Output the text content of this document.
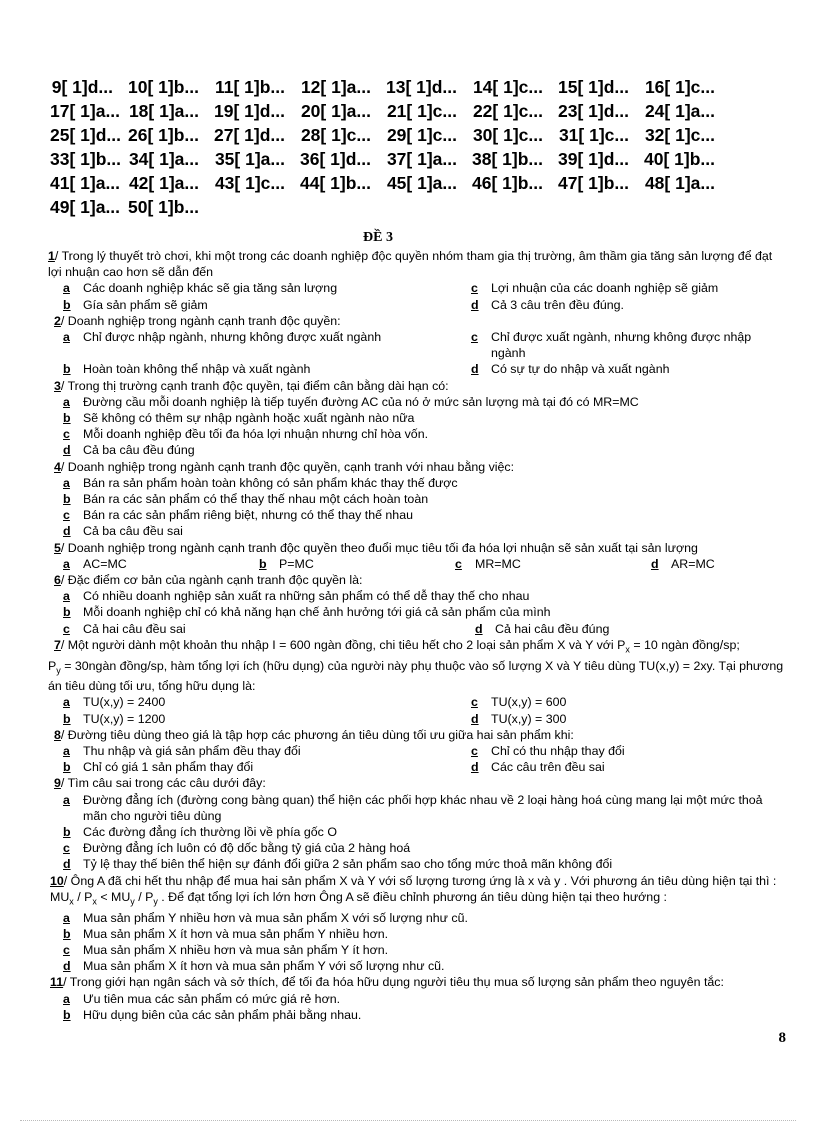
9[ 1]d... 10[ 1]b... 11[ 1]b... 12[ 1]a... 13[ 1]d... 14[ 1]c... 15[ 1]d... 16[ 1]c...
17[ 1]a... 18[ 1]a... 19[ 1]d... 20[ 1]a... 21[ 1]c... 22[ 1]c... 23[ 1]d... 24[ 1]a...
25[ 1]d... 26[ 1]b... 27[ 1]d... 28[ 1]c... 29[ 1]c... 30[ 1]c... 31[ 1]c... 32[ 1]c...
33[ 1]b... 34[ 1]a... 35[ 1]a... 36[ 1]d... 37[ 1]a... 38[ 1]b... 39[ 1]d... 40[ 1]b...
41[ 1]a... 42[ 1]a... 43[ 1]c... 44[ 1]b... 45[ 1]a... 46[ 1]b... 47[ 1]b... 48[ 1]a...
49[ 1]a... 50[ 1]b...
ĐỀ 3

1/ Trong lý thuyết trò chơi, khi một trong các doanh nghiệp độc quyền nhóm tham gia thị trường, âm thầm gia tăng sản lượng để đạt lợi nhuận cao hơn sẽ dẫn đến

a	Các doanh nghiệp khác sẽ gia tăng sản lượng	c	Lợi nhuận của các doanh nghiệp sẽ giảm
b	Gía sản phẩm sẽ giảm	d	Cả 3 câu trên đều đúng.

2/ Doanh nghiệp trong ngành cạnh tranh độc quyền:

a	Chỉ được nhập ngành, nhưng không được xuất ngành	c	Chỉ được xuất ngành, nhưng không được nhập ngành
b	Hoàn toàn không thể nhập và xuất ngành	d	Có sự tự do nhập và xuất ngành

3/ Trong thị trường cạnh tranh độc quyền, tại điểm cân bằng dài hạn có:

a	Đường cầu mỗi doanh nghiệp là tiếp tuyến đường AC của nó ở mức sản lượng mà tại đó có MR=MC
b	Sẽ không có thêm sự nhập ngành hoặc xuất ngành nào nữa
c	Mỗi doanh nghiệp đều tối đa hóa lợi nhuận nhưng chỉ hòa vốn.
d	Cả ba câu đều đúng

4/ Doanh nghiệp trong ngành cạnh tranh độc quyền, cạnh tranh với nhau bằng việc:

a	Bán ra sản phẩm hoàn toàn không có sản phẩm khác thay thế được
b	Bán ra các sản phẩm có thể thay thế nhau một cách hoàn toàn
c	Bán ra các sản phẩm riêng biệt, nhưng có thể thay thế nhau
d	Cả ba câu đều sai

5/ Doanh nghiệp trong ngành cạnh tranh độc quyền theo đuổi mục tiêu tối đa hóa lợi nhuận sẽ sản xuất tại sản lượng

a	AC=MC	b	P=MC	c	MR=MC	d	AR=MC

6/ Đặc điểm cơ bản của ngành cạnh tranh độc quyền là:

a	Có nhiều doanh nghiệp sản xuất ra những sản phẩm có thể dễ thay thế cho nhau
b	Mỗi doanh nghiệp chỉ có khả năng hạn chế ảnh hưởng tới giá cả sản phẩm của mình
c	Cả hai câu đều sai	d	Cả hai câu đều đúng

7/ Một người dành một khoản thu nhập I = 600 ngàn đồng, chi tiêu hết cho 2 loại sản phẩm X và Y với $P_x = 10$ ngàn đồng/sp;

$P_y$ = 30ngàn đồng/sp, hàm tổng lợi ích (hữu dụng) của người này phụ thuộc vào số lượng X và Y tiêu dùng TU(x,y) = 2xy. Tại phương án tiêu dùng tối ưu, tổng hữu dụng là:

a	TU(x,y) = 2400	c	TU(x,y) = 600
b	TU(x,y) = 1200	d	TU(x,y) = 300

8/ Đường tiêu dùng theo giá là tập hợp các phương án tiêu dùng tối ưu giữa hai sản phẩm khi:

a	Thu nhập và giá sản phẩm đều thay đổi	c	Chỉ có thu nhập thay đổi
b	Chỉ có giá 1 sản phẩm thay đổi	d	Các câu trên đều sai

9/ Tìm câu sai trong các câu dưới đây:

a	Đường đẳng ích (đường cong bàng quan) thể hiện các phối hợp khác nhau về 2 loại hàng hoá cùng mang lại một mức thoả mãn cho người tiêu dùng
b	Các đường đẳng ích thường lồi về phía gốc O
c	Đường đẳng ích luôn có độ dốc bằng tỷ giá của 2 hàng hoá
d	Tỷ lệ thay thế biên thể hiện sự đánh đổi giữa 2 sản phẩm sao cho tổng mức thoả mãn không đổi

10/ Ông A đã chi hết thu nhập để mua hai sản phẩm X và Y với số lượng tương ứng là x và y . Với phương án tiêu dùng hiện tại thì : $MU_x / P_x < MU_y / P_y$ . Để đạt tổng lợi ích lớn hơn Ông A sẽ điều chỉnh phương án tiêu dùng hiện tại theo hướng :

a	Mua sản phẩm Y nhiều hơn và mua sản phẩm X với số lượng như cũ.
b	Mua sản phẩm X ít hơn và mua sản phẩm Y nhiều hơn.
c	Mua sản phẩm X nhiều hơn và mua sản phẩm Y ít hơn.
d	Mua sản phẩm X ít hơn và mua sản phẩm Y với số lượng như cũ.

11/ Trong giới hạn ngân sách và sở thích, để tối đa hóa hữu dụng người tiêu thụ mua số lượng sản phẩm theo nguyên tắc:

a	Ưu tiên mua các sản phẩm có mức giá rẻ hơn.
b	Hữu dụng biên của các sản phẩm phải bằng nhau.
8
